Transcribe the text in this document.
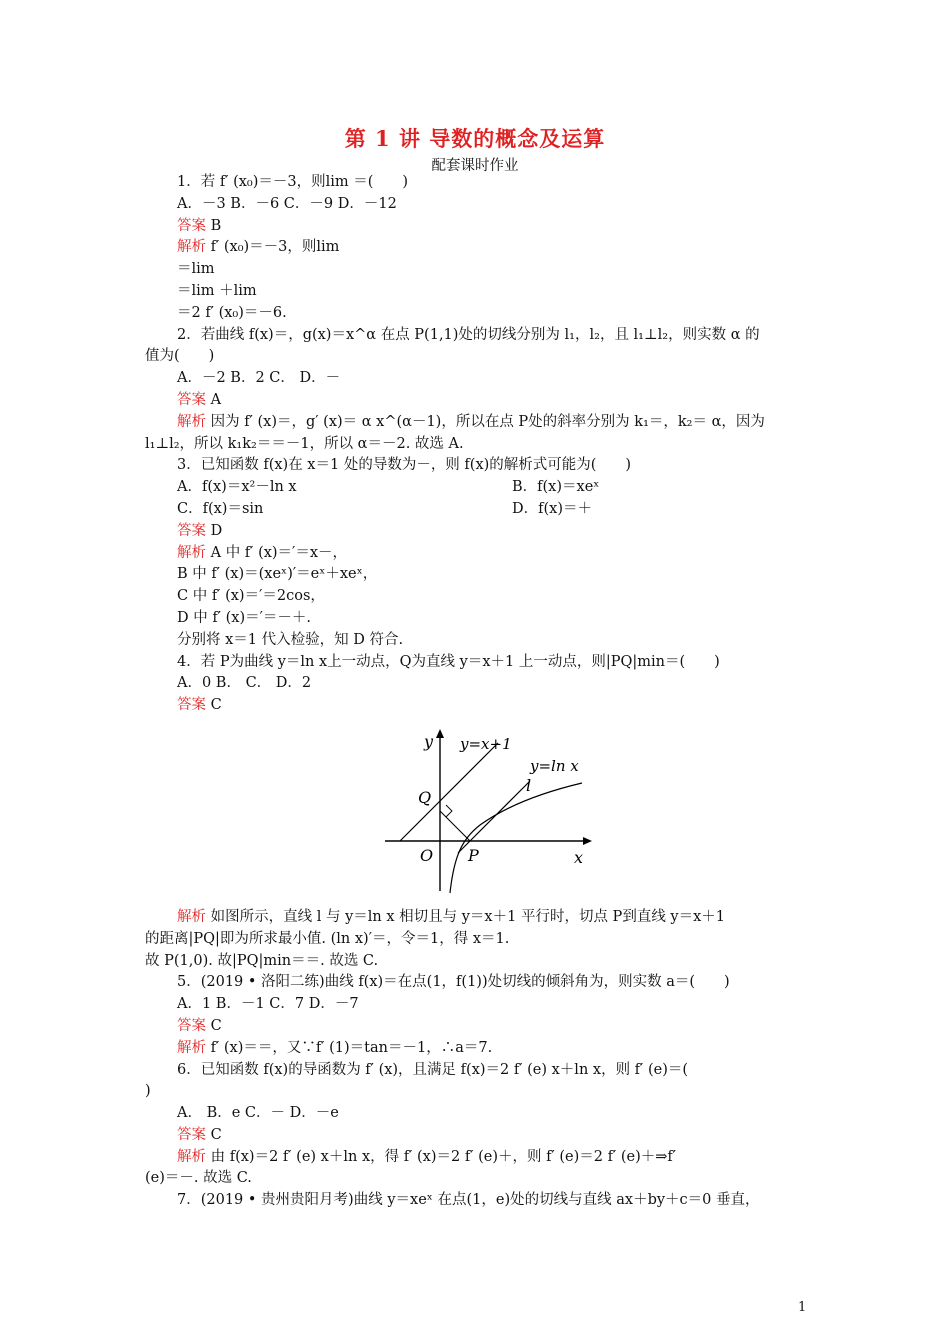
第 1 讲 导数的概念及运算
配套课时作业
1．若 f′ (x₀)＝－3，则lim ＝(　　)
A．－3 B．－6 C．－9 D．－12
答案 B
解析 f′ (x₀)＝－3，则lim
＝lim
＝lim ＋lim
＝2 f′ (x₀)＝－6.
2．若曲线 f(x)＝，g(x)＝x^α 在点 P(1,1)处的切线分别为 l₁，l₂，且 l₁⊥l₂，则实数 α 的
值为(　　)
A．－2 B．2 C． D．－
答案 A
解析 因为 f′ (x)＝，g′ (x)＝ α x^(α－1)，所以在点 P处的斜率分别为 k₁＝，k₂＝ α，因为
l₁⊥l₂，所以 k₁k₂＝＝－1，所以 α＝－2. 故选 A.
3．已知函数 f(x)在 x＝1 处的导数为－，则 f(x)的解析式可能为(　　)
A．f(x)＝x²－ln x	B．f(x)＝xeˣ
C．f(x)＝sin	D．f(x)＝＋
答案 D
解析 A 中 f′ (x)＝′＝x－，
B 中 f′ (x)＝(xeˣ)′＝eˣ＋xeˣ，
C 中 f′ (x)＝′＝2cos，
D 中 f′ (x)＝′＝－＋.
分别将 x＝1 代入检验，知 D 符合.
4．若 P为曲线 y＝ln x上一动点，Q为直线 y＝x＋1 上一动点，则|PQ|min＝(　　)
A．0 B． C． D．2
答案 C
y y=x+1
l
y=ln x
Q
O P	x
解析 如图所示，直线 l 与 y＝ln x 相切且与 y＝x＋1 平行时，切点 P到直线 y＝x＋1
的距离|PQ|即为所求最小值. (ln x)′＝，令＝1，得 x＝1.
故 P(1,0). 故|PQ|min＝＝. 故选 C.
5．(2019 • 洛阳二练)曲线 f(x)＝在点(1，f(1))处切线的倾斜角为，则实数 a＝(　　)
A．1 B．－1 C．7 D．－7
答案 C
解析 f′ (x)＝＝，又∵f′ (1)＝tan＝－1，∴a＝7.
6．已知函数 f(x)的导函数为 f′ (x)，且满足 f(x)＝2 f′ (e) x＋ln x，则 f′ (e)＝(
)
A． B．e C．－ D．－e
答案 C
解析 由 f(x)＝2 f′ (e) x＋ln x，得 f′ (x)＝2 f′ (e)＋，则 f′ (e)＝2 f′ (e)＋⇒f′
(e)＝－. 故选 C.
7．(2019 • 贵州贵阳月考)曲线 y＝xeˣ 在点(1，e)处的切线与直线 ax＋by＋c＝0 垂直，
1
